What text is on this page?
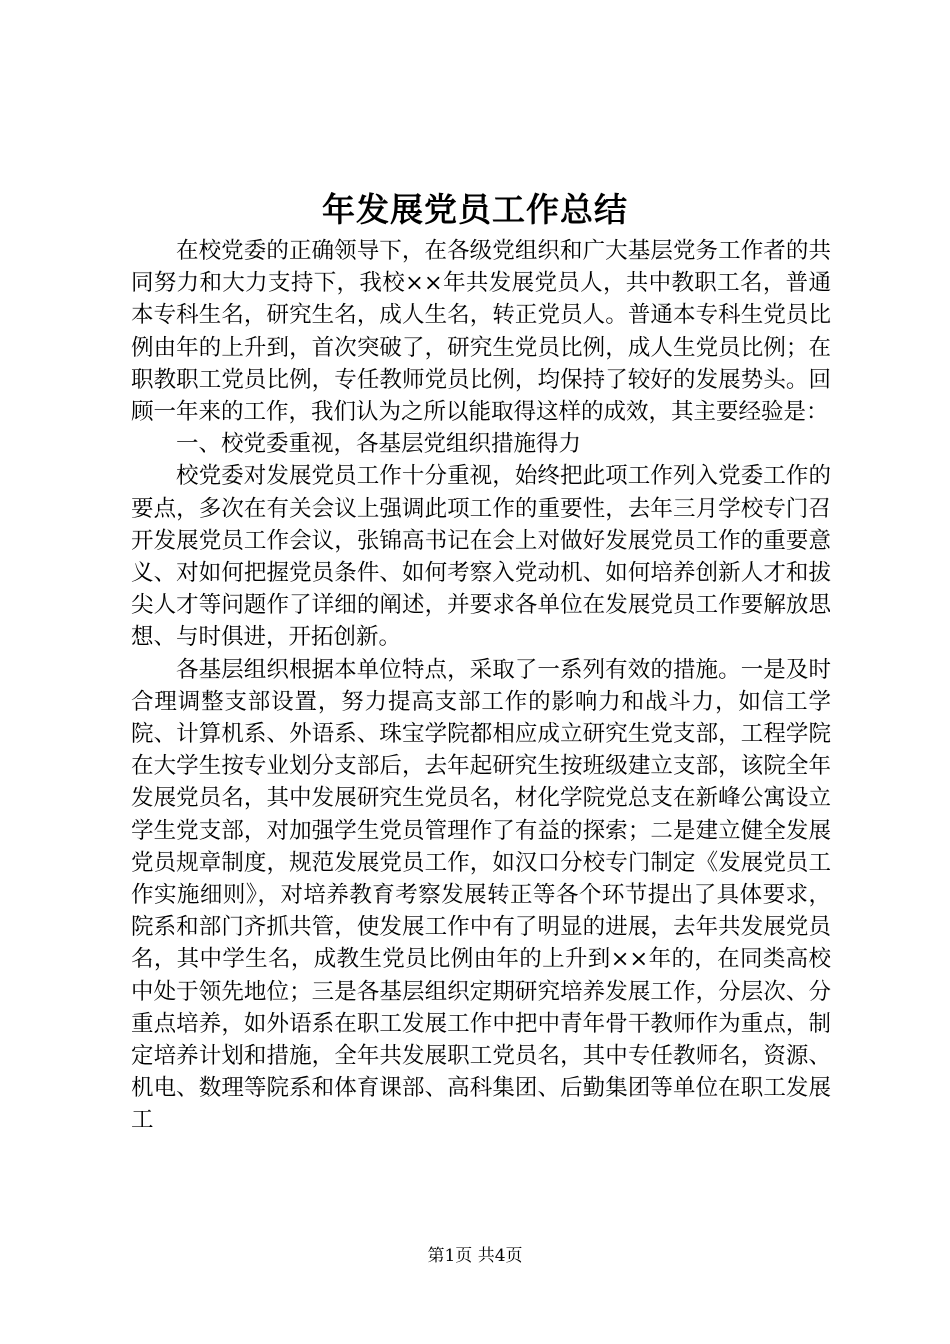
年发展党员工作总结

在校党委的正确领导下，在各级党组织和广大基层党务工作者的共同努力和大力支持下，我校××年共发展党员人，共中教职工名，普通本专科生名，研究生名，成人生名，转正党员人。普通本专科生党员比例由年的上升到，首次突破了，研究生党员比例，成人生党员比例；在职教职工党员比例，专任教师党员比例，均保持了较好的发展势头。回顾一年来的工作，我们认为之所以能取得这样的成效，其主要经验是：

一、校党委重视，各基层党组织措施得力

校党委对发展党员工作十分重视，始终把此项工作列入党委工作的要点，多次在有关会议上强调此项工作的重要性，去年三月学校专门召开发展党员工作会议，张锦高书记在会上对做好发展党员工作的重要意义、对如何把握党员条件、如何考察入党动机、如何培养创新人才和拔尖人才等问题作了详细的阐述，并要求各单位在发展党员工作要解放思想、与时俱进，开拓创新。

各基层组织根据本单位特点，采取了一系列有效的措施。一是及时合理调整支部设置，努力提高支部工作的影响力和战斗力，如信工学院、计算机系、外语系、珠宝学院都相应成立研究生党支部，工程学院在大学生按专业划分支部后，去年起研究生按班级建立支部，该院全年发展党员名，其中发展研究生党员名，材化学院党总支在新峰公寓设立学生党支部，对加强学生党员管理作了有益的探索；二是建立健全发展党员规章制度，规范发展党员工作，如汉口分校专门制定《发展党员工作实施细则》，对培养教育考察发展转正等各个环节提出了具体要求，院系和部门齐抓共管，使发展工作中有了明显的进展，去年共发展党员名，其中学生名，成教生党员比例由年的上升到××年的，在同类高校中处于领先地位；三是各基层组织定期研究培养发展工作，分层次、分重点培养，如外语系在职工发展工作中把中青年骨干教师作为重点，制定培养计划和措施，全年共发展职工党员名，其中专任教师名，资源、机电、数理等院系和体育课部、高科集团、后勤集团等单位在职工发展工

第1页 共4页
